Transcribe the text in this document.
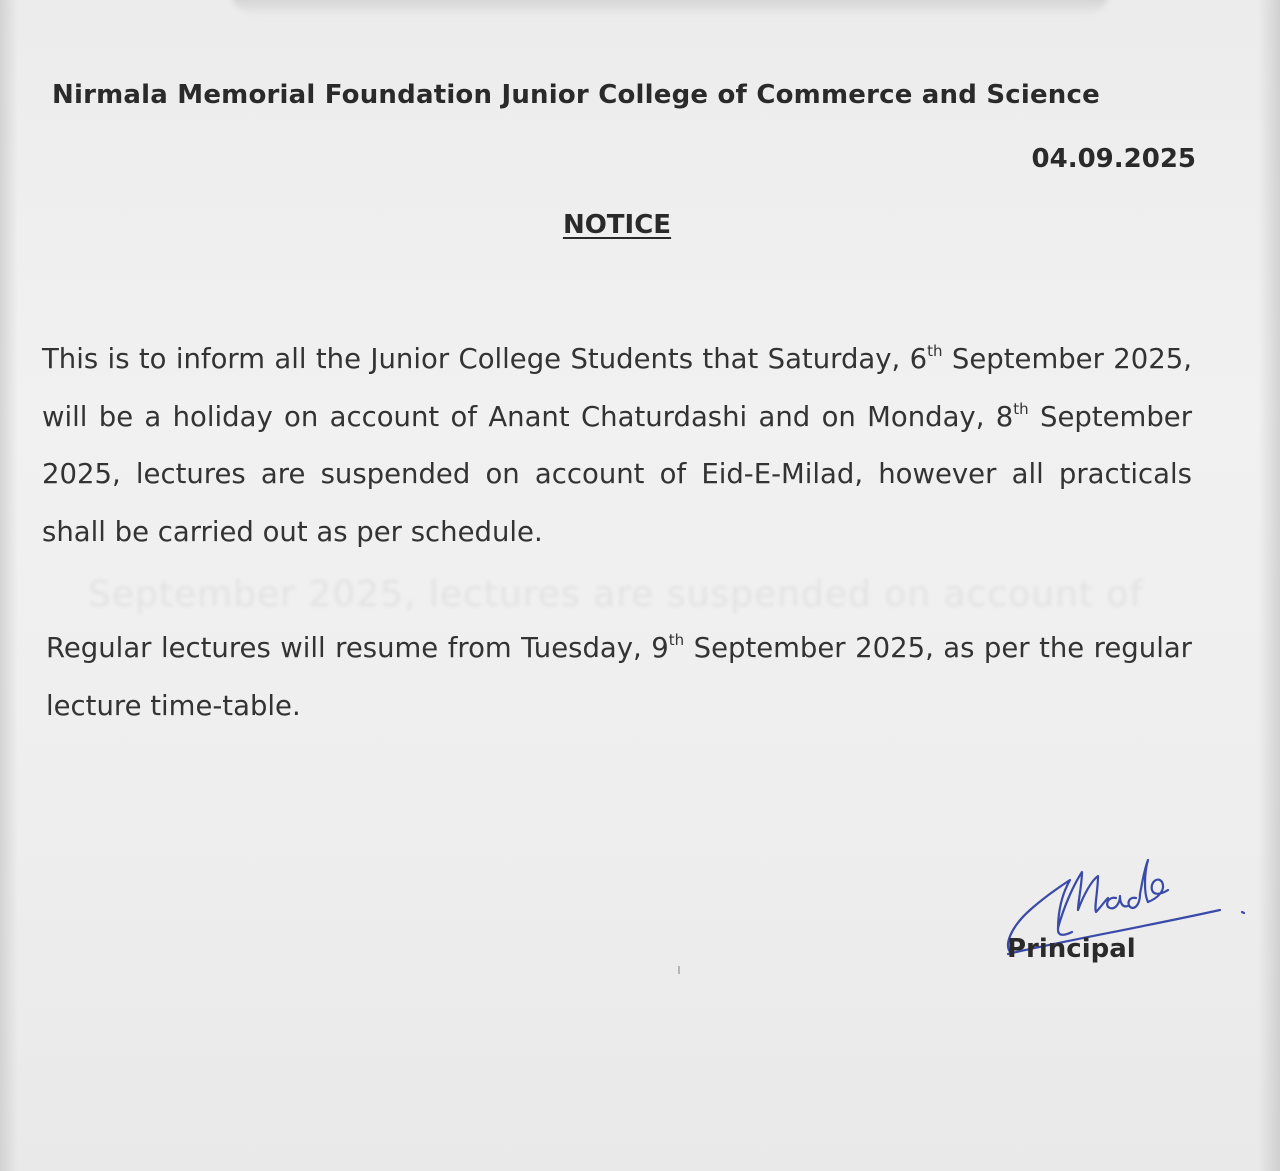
Nirmala Memorial Foundation Junior College of Commerce and Science
04.09.2025
NOTICE
This is to inform all the Junior College Students that Saturday, 6th September 2025, will be a holiday on account of Anant Chaturdashi and on Monday, 8th September 2025, lectures are suspended on account of Eid-E-Milad, however all practicals shall be carried out as per schedule.
September 2025, lectures are suspended on account of
Regular lectures will resume from Tuesday, 9th September 2025, as per the regular lecture time-table.
Principal
